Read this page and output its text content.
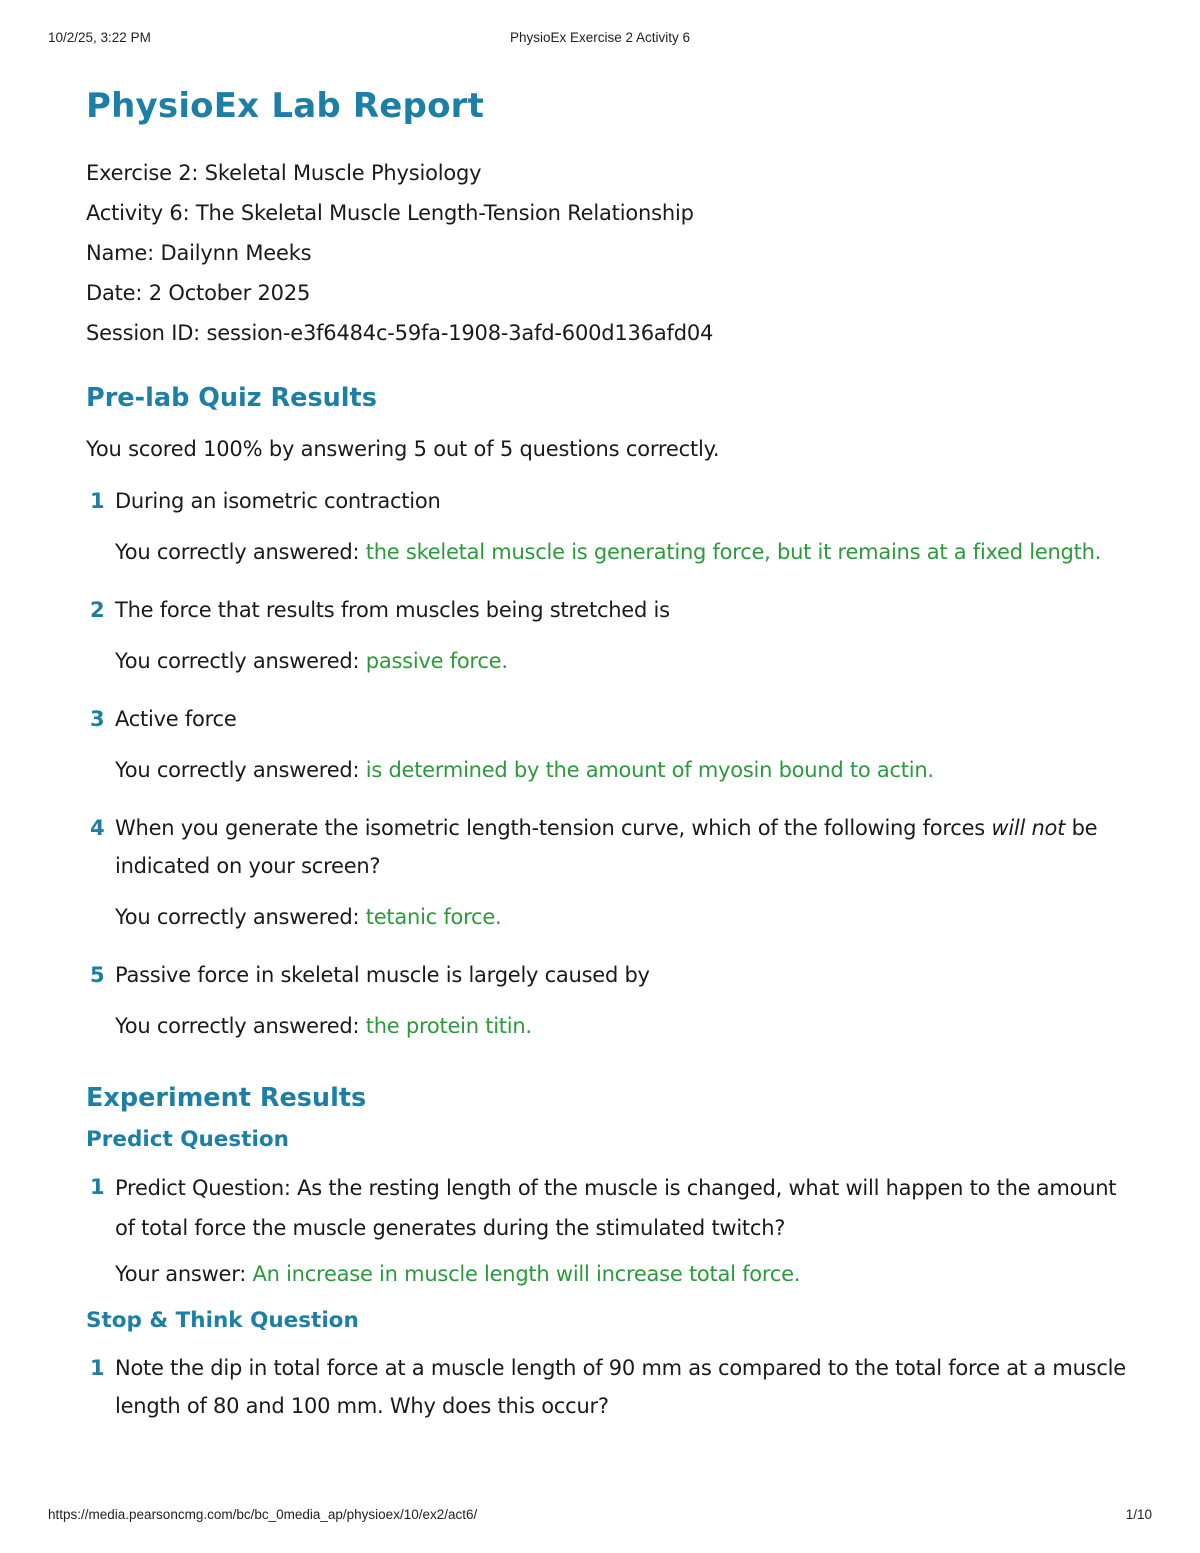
10/2/25, 3:22 PM	PhysioEx Exercise 2 Activity 6
PhysioEx Lab Report
Exercise 2: Skeletal Muscle Physiology
Activity 6: The Skeletal Muscle Length-Tension Relationship
Name: Dailynn Meeks
Date: 2 October 2025
Session ID: session-e3f6484c-59fa-1908-3afd-600d136afd04
Pre-lab Quiz Results
You scored 100% by answering 5 out of 5 questions correctly.
1 During an isometric contraction
You correctly answered: the skeletal muscle is generating force, but it remains at a fixed length.
2 The force that results from muscles being stretched is
You correctly answered: passive force.
3 Active force
You correctly answered: is determined by the amount of myosin bound to actin.
4 When you generate the isometric length-tension curve, which of the following forces will not be indicated on your screen?
You correctly answered: tetanic force.
5 Passive force in skeletal muscle is largely caused by
You correctly answered: the protein titin.
Experiment Results
Predict Question
1 Predict Question: As the resting length of the muscle is changed, what will happen to the amount of total force the muscle generates during the stimulated twitch?
Your answer: An increase in muscle length will increase total force.
Stop & Think Question
1 Note the dip in total force at a muscle length of 90 mm as compared to the total force at a muscle length of 80 and 100 mm. Why does this occur?
https://media.pearsoncmg.com/bc/bc_0media_ap/physioex/10/ex2/act6/	1/10
